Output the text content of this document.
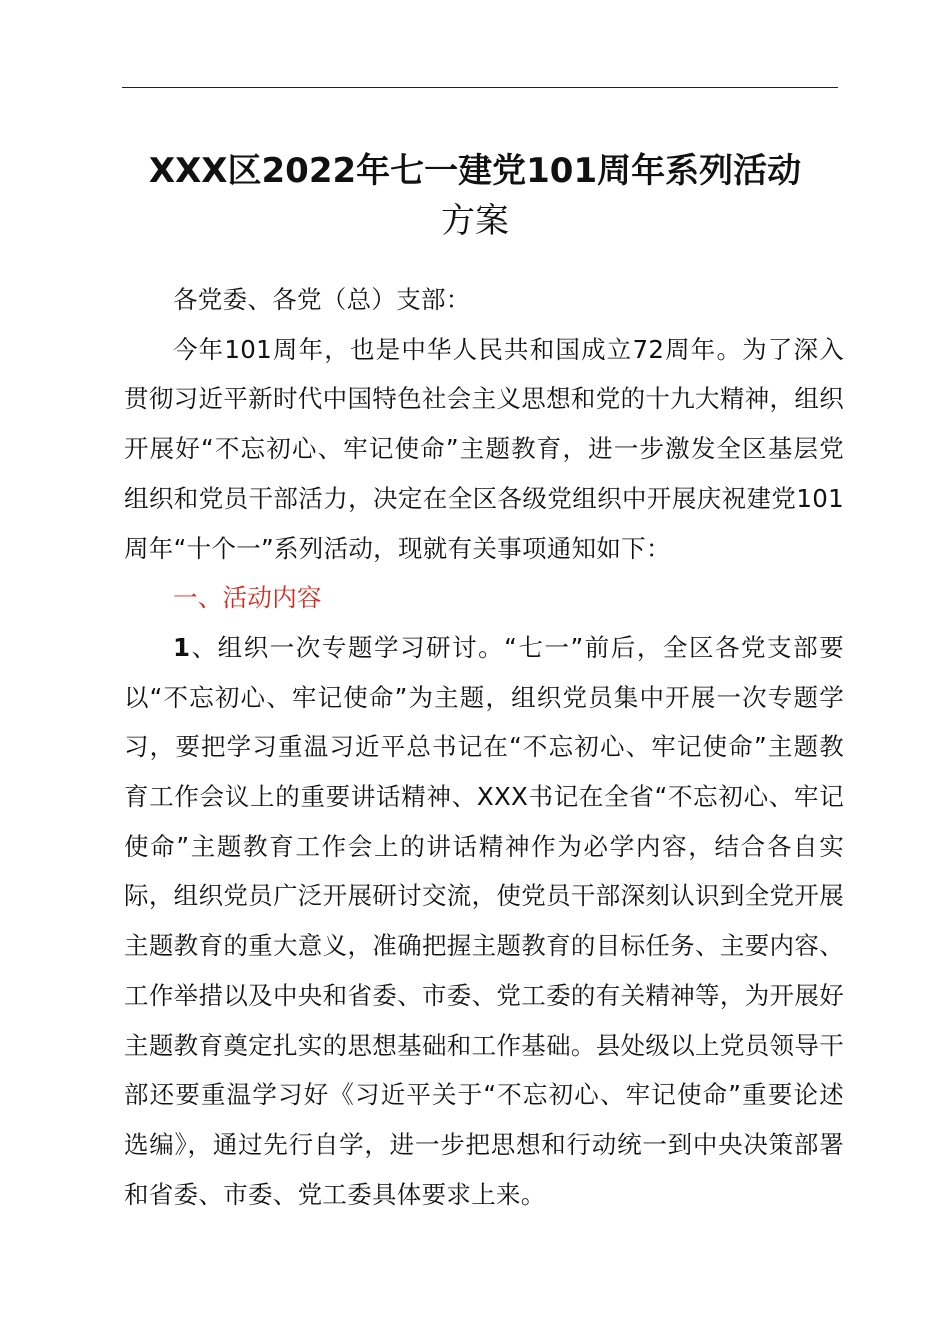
XXX区2022年七一建党101周年系列活动
方案

各党委、各党（总）支部：

今年101周年，也是中华人民共和国成立72周年。为了深入贯彻习近平新时代中国特色社会主义思想和党的十九大精神，组织开展好“不忘初心、牢记使命”主题教育，进一步激发全区基层党组织和党员干部活力，决定在全区各级党组织中开展庆祝建党101周年“十个一”系列活动，现就有关事项通知如下：

一、活动内容

1、组织一次专题学习研讨。“七一”前后，全区各党支部要以“不忘初心、牢记使命”为主题，组织党员集中开展一次专题学习，要把学习重温习近平总书记在“不忘初心、牢记使命”主题教育工作会议上的重要讲话精神、XXX书记在全省“不忘初心、牢记使命”主题教育工作会上的讲话精神作为必学内容，结合各自实际，组织党员广泛开展研讨交流，使党员干部深刻认识到全党开展主题教育的重大意义，准确把握主题教育的目标任务、主要内容、工作举措以及中央和省委、市委、党工委的有关精神等，为开展好主题教育奠定扎实的思想基础和工作基础。县处级以上党员领导干部还要重温学习好《习近平关于“不忘初心、牢记使命”重要论述选编》，通过先行自学，进一步把思想和行动统一到中央决策部署和省委、市委、党工委具体要求上来。
